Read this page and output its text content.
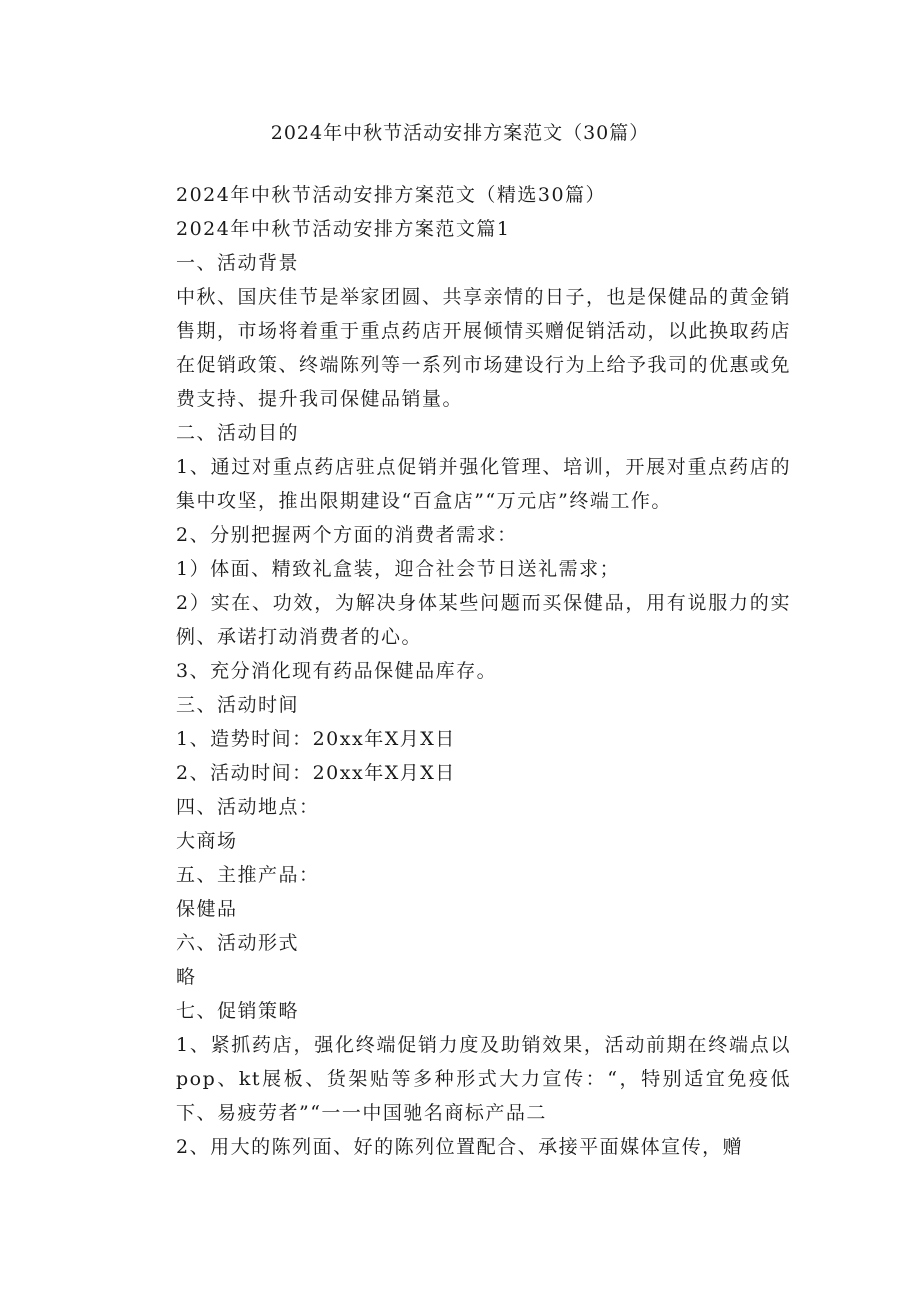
2024年中秋节活动安排方案范文（30篇）

2024年中秋节活动安排方案范文（精选30篇）

2024年中秋节活动安排方案范文篇1

一、活动背景

中秋、国庆佳节是举家团圆、共享亲情的日子，也是保健品的黄金销售期，市场将着重于重点药店开展倾情买赠促销活动，以此换取药店在促销政策、终端陈列等一系列市场建设行为上给予我司的优惠或免费支持、提升我司保健品销量。

二、活动目的

1、通过对重点药店驻点促销并强化管理、培训，开展对重点药店的集中攻坚，推出限期建设“百盒店”“万元店”终端工作。

2、分别把握两个方面的消费者需求：

1）体面、精致礼盒装，迎合社会节日送礼需求；

2）实在、功效，为解决身体某些问题而买保健品，用有说服力的实例、承诺打动消费者的心。

3、充分消化现有药品保健品库存。

三、活动时间

1、造势时间：20xx年X月X日

2、活动时间：20xx年X月X日

四、活动地点：

大商场

五、主推产品：

保健品

六、活动形式

略

七、促销策略

1、紧抓药店，强化终端促销力度及助销效果，活动前期在终端点以pop、kt展板、货架贴等多种形式大力宣传：“，特别适宜免疫低下、易疲劳者”“一一中国驰名商标产品二

2、用大的陈列面、好的陈列位置配合、承接平面媒体宣传，赠
